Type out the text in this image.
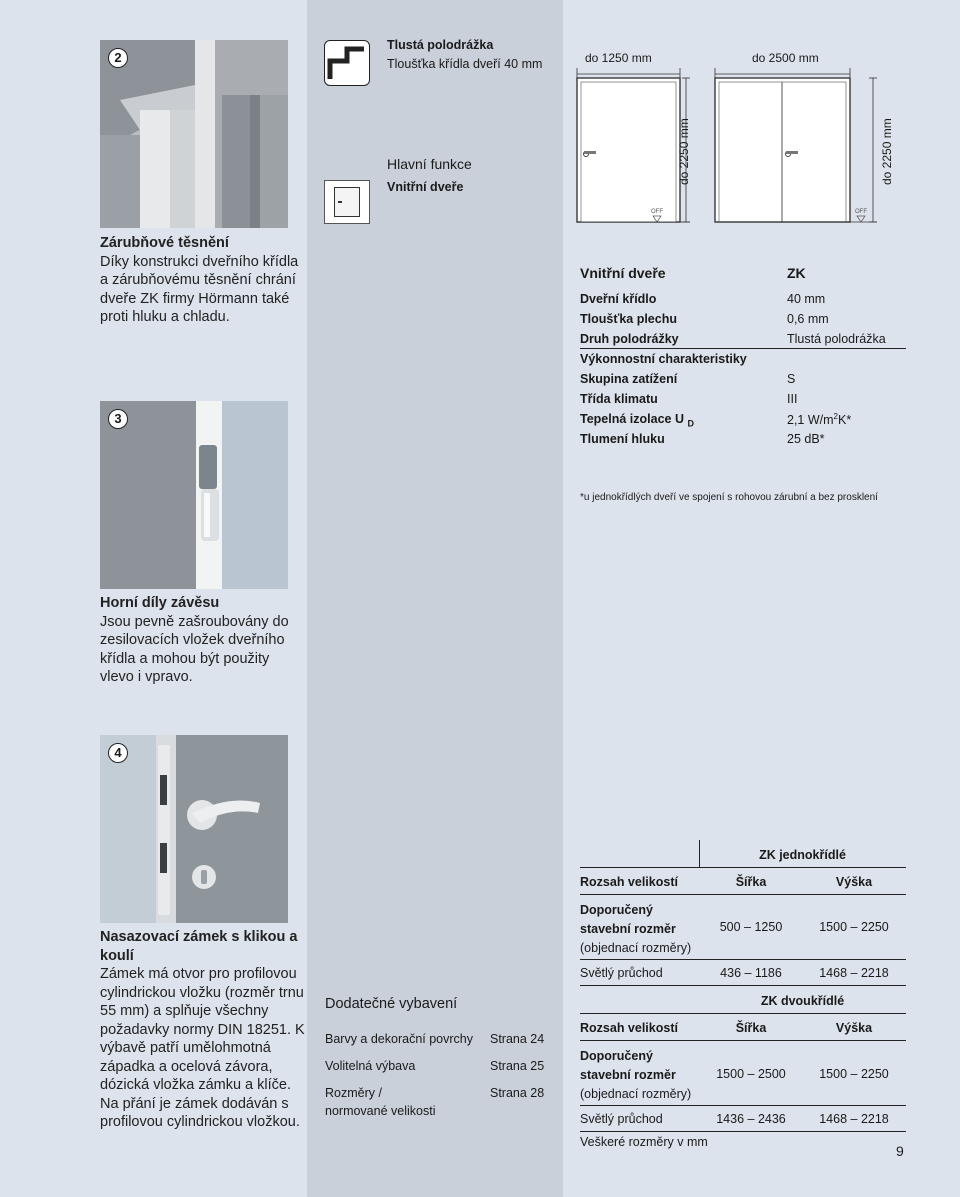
2
Zárubňové těsnění
Díky konstrukci dveřního křídla a zárubňovému těsnění chrání dveře ZK firmy Hörmann také proti hluku a chladu.
3
Horní díly závěsu
Jsou pevně zašroubovány do zesilovacích vložek dveřního křídla a mohou být použity vlevo i vpravo.
4
Nasazovací zámek s klikou a koulí
Zámek má otvor pro profilovou cylindrickou vložku (rozměr trnu 55 mm) a splňuje všechny požadavky normy DIN 18251. K výbavě patří umělohmotná západka a ocelová závora, dózická vložka zámku a klíče. Na přání je zámek dodáván s profilovou cylindrickou vložkou.
Tlustá polodrážka
Tloušťka křídla dveří 40 mm
Hlavní funkce
Vnitřní dveře
do 1250 mm	do 2500 mm
do 2250 mm	do 2250 mm
OFF	OFF
Vnitřní dveře	ZK
Dveřní křídlo	40 mm
Tloušťka plechu	0,6 mm
Druh polodrážky	Tlustá polodrážka
Výkonnostní charakteristiky
Skupina zatížení	S
Třída klimatu	III
Tepelná izolace U $_D$	2,1 $W/m^2K*$
Tlumení hluku	25 dB*
*u jednokřídlých dveří ve spojení s rohovou zárubní a bez prosklení
Dodatečné vybavení
Barvy a dekorační povrchy	Strana 24
Volitelná výbava	Strana 25
Rozměry /
normované velikosti
Strana 28
ZK jednokřídlé
Rozsah velikostí	Šířka	Výška
Doporučený
stavební rozměr
(objednací rozměry)
500 – 1250	1500 – 2250
Světlý průchod	436 – 1186	1468 – 2218
ZK dvoukřídlé
Rozsah velikostí	Šířka	Výška
Doporučený
stavební rozměr
(objednací rozměry)
1500 – 2500	1500 – 2250
Světlý průchod	1436 – 2436	1468 – 2218
Veškeré rozměry v mm
9
